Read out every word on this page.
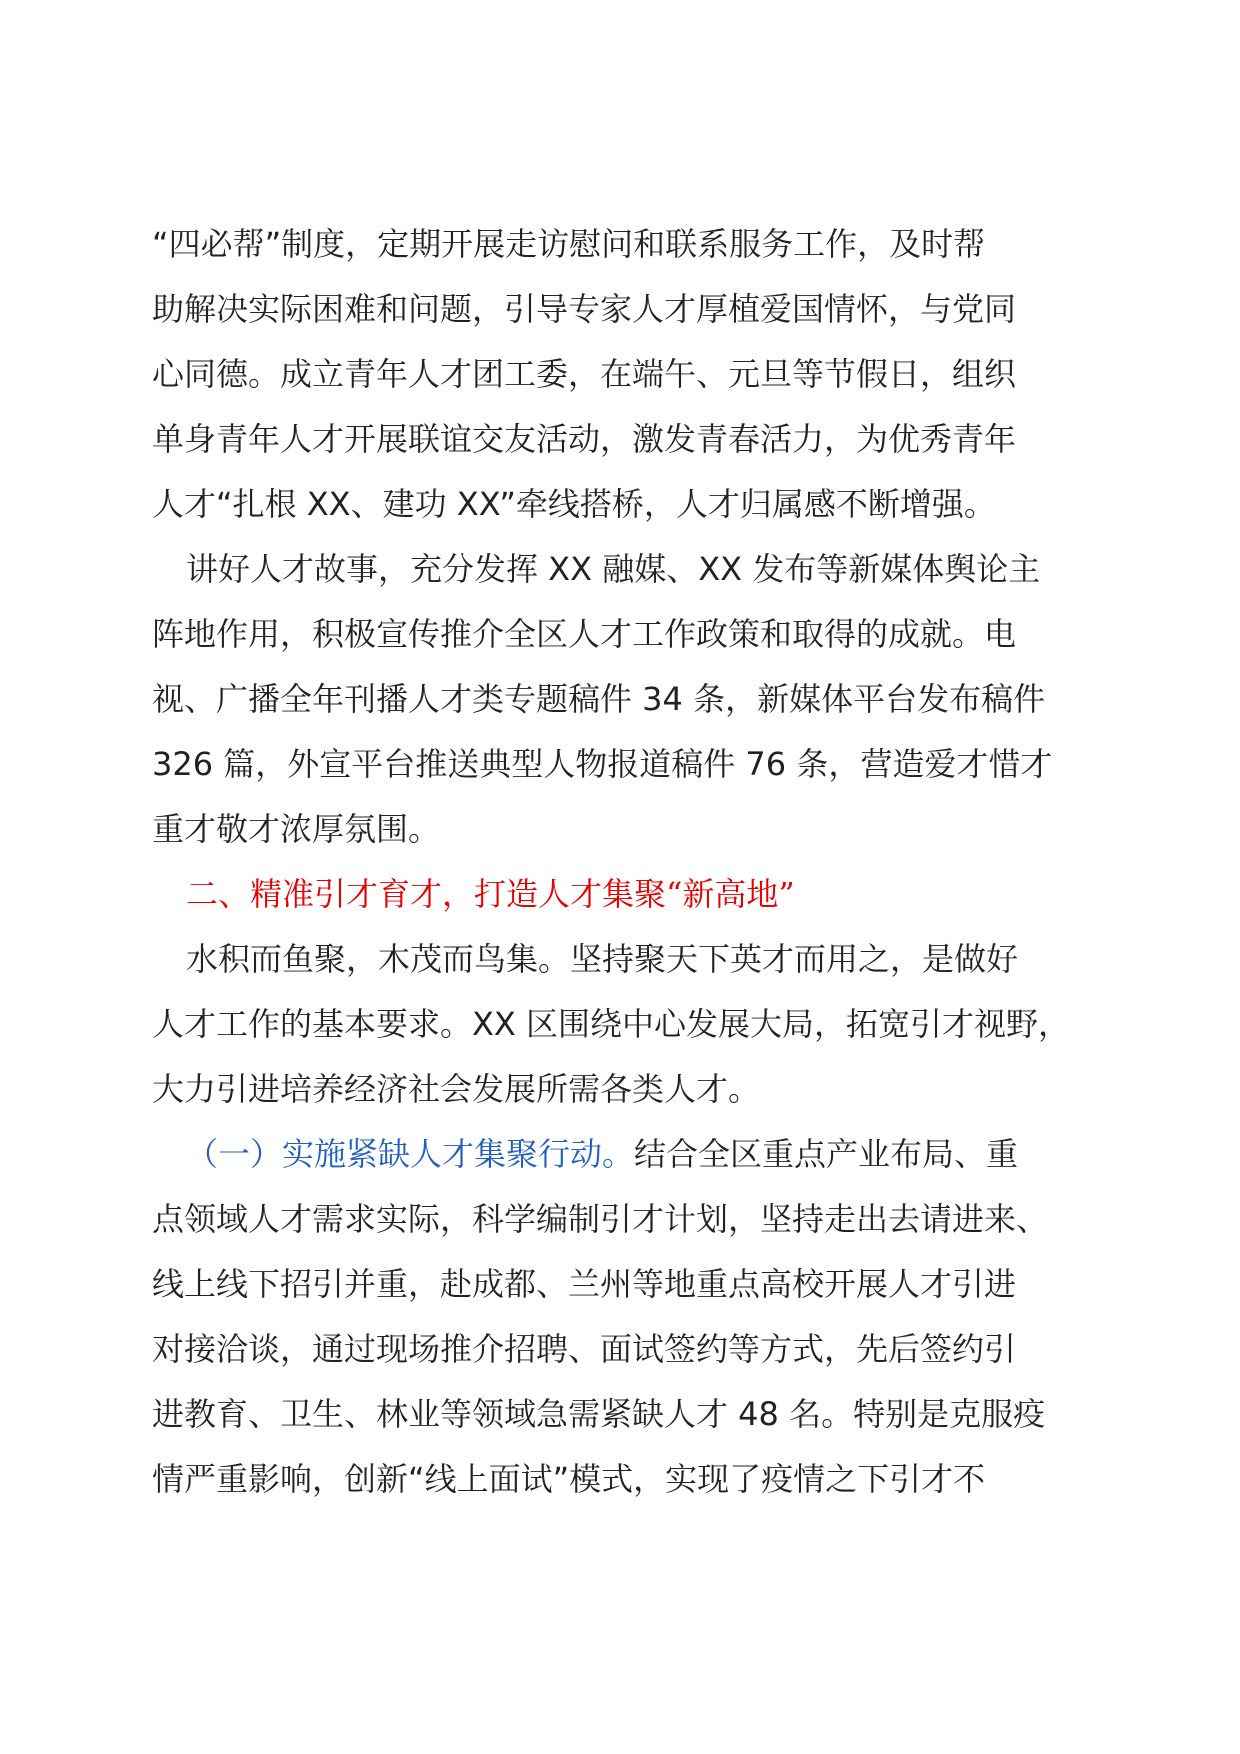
“四必帮”制度，定期开展走访慰问和联系服务工作，及时帮
助解决实际困难和问题，引导专家人才厚植爱国情怀，与党同
心同德。成立青年人才团工委，在端午、元旦等节假日，组织
单身青年人才开展联谊交友活动，激发青春活力，为优秀青年
人才“扎根 XX、建功 XX”牵线搭桥，人才归属感不断增强。
讲好人才故事，充分发挥 XX 融媒、XX 发布等新媒体舆论主
阵地作用，积极宣传推介全区人才工作政策和取得的成就。电
视、广播全年刊播人才类专题稿件 34 条，新媒体平台发布稿件
326 篇，外宣平台推送典型人物报道稿件 76 条，营造爱才惜才
重才敬才浓厚氛围。
二、精准引才育才，打造人才集聚“新高地”
水积而鱼聚，木茂而鸟集。坚持聚天下英才而用之，是做好
人才工作的基本要求。XX 区围绕中心发展大局，拓宽引才视野，
大力引进培养经济社会发展所需各类人才。
（一）实施紧缺人才集聚行动。结合全区重点产业布局、重
点领域人才需求实际，科学编制引才计划，坚持走出去请进来、
线上线下招引并重，赴成都、兰州等地重点高校开展人才引进
对接洽谈，通过现场推介招聘、面试签约等方式，先后签约引
进教育、卫生、林业等领域急需紧缺人才 48 名。特别是克服疫
情严重影响，创新“线上面试”模式，实现了疫情之下引才不
